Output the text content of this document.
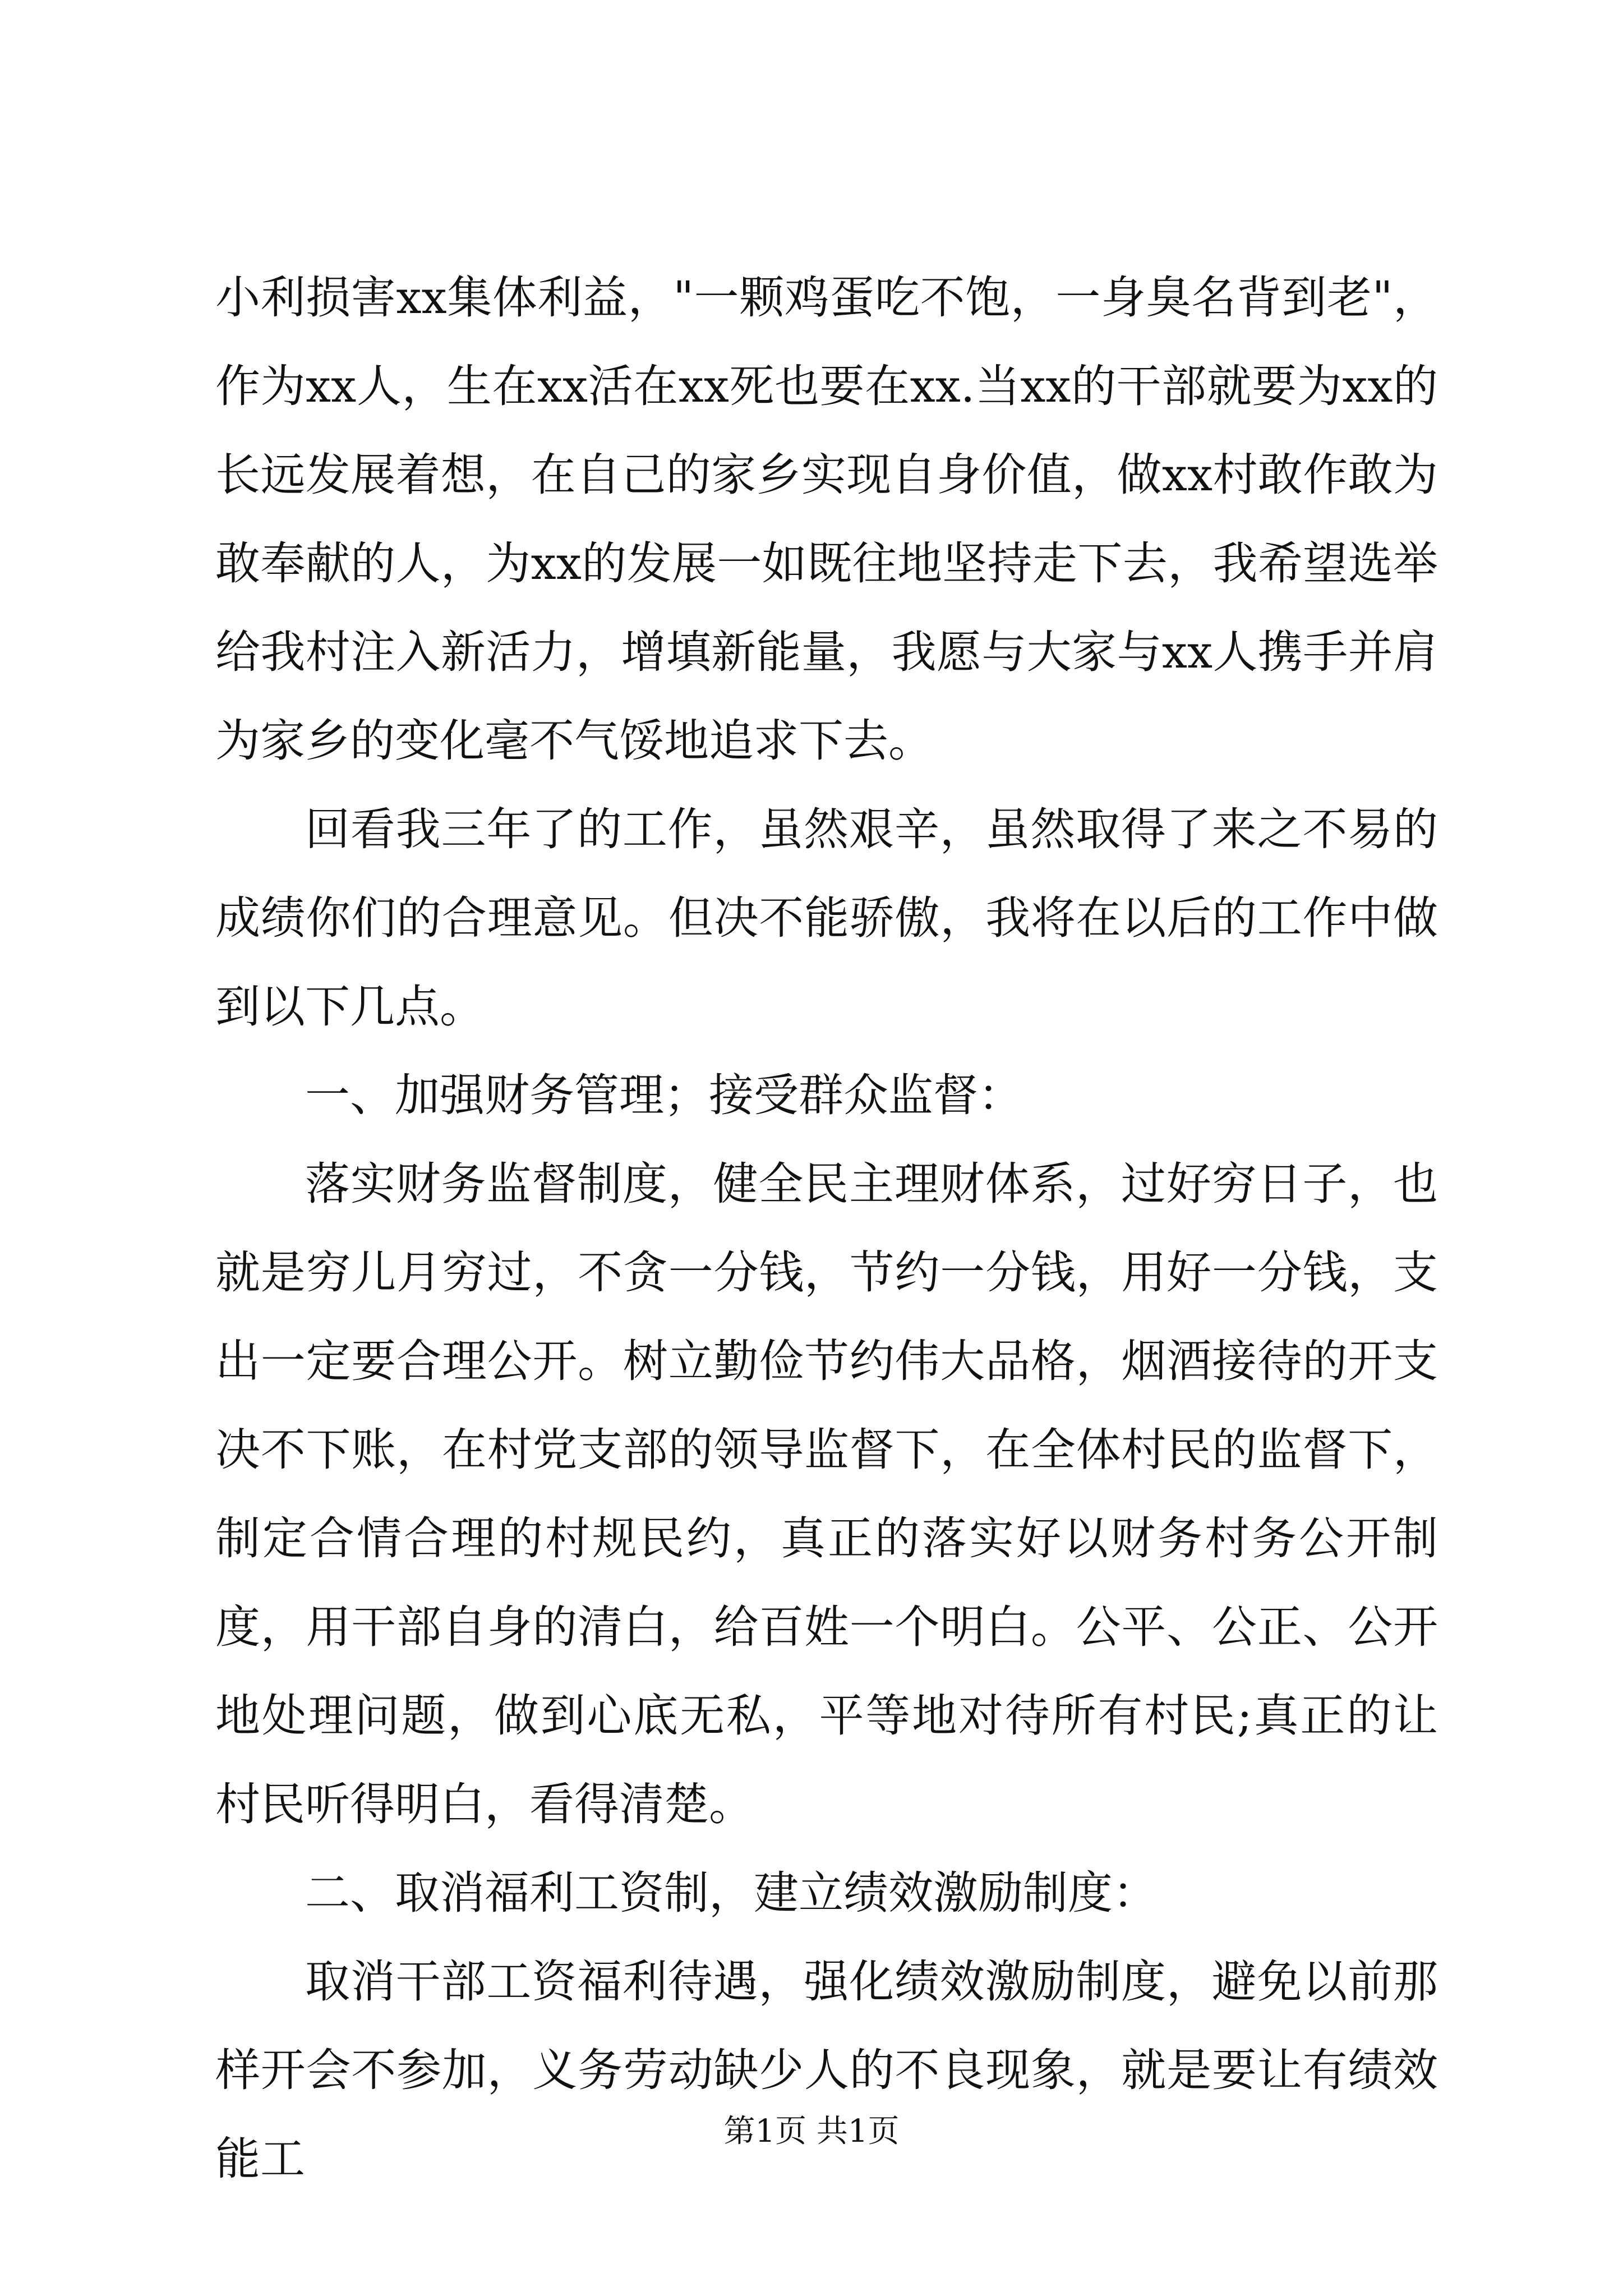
小利损害xx集体利益，"一颗鸡蛋吃不饱，一身臭名背到老"，作为xx人，生在xx活在xx死也要在xx.当xx的干部就要为xx的长远发展着想，在自己的家乡实现自身价值，做xx村敢作敢为敢奉献的人，为xx的发展一如既往地坚持走下去，我希望选举给我村注入新活力，增填新能量，我愿与大家与xx人携手并肩为家乡的变化毫不气馁地追求下去。

回看我三年了的工作，虽然艰辛，虽然取得了来之不易的成绩你们的合理意见。但决不能骄傲，我将在以后的工作中做到以下几点。

一、加强财务管理；接受群众监督：

落实财务监督制度，健全民主理财体系，过好穷日子，也就是穷儿月穷过，不贪一分钱，节约一分钱，用好一分钱，支出一定要合理公开。树立勤俭节约伟大品格，烟酒接待的开支决不下账，在村党支部的领导监督下，在全体村民的监督下，制定合情合理的村规民约，真正的落实好以财务村务公开制度，用干部自身的清白，给百姓一个明白。公平、公正、公开地处理问题，做到心底无私，平等地对待所有村民;真正的让村民听得明白，看得清楚。

二、取消福利工资制，建立绩效激励制度：

取消干部工资福利待遇，强化绩效激励制度，避免以前那样开会不参加，义务劳动缺少人的不良现象，就是要让有绩效能工

第1页 共1页
